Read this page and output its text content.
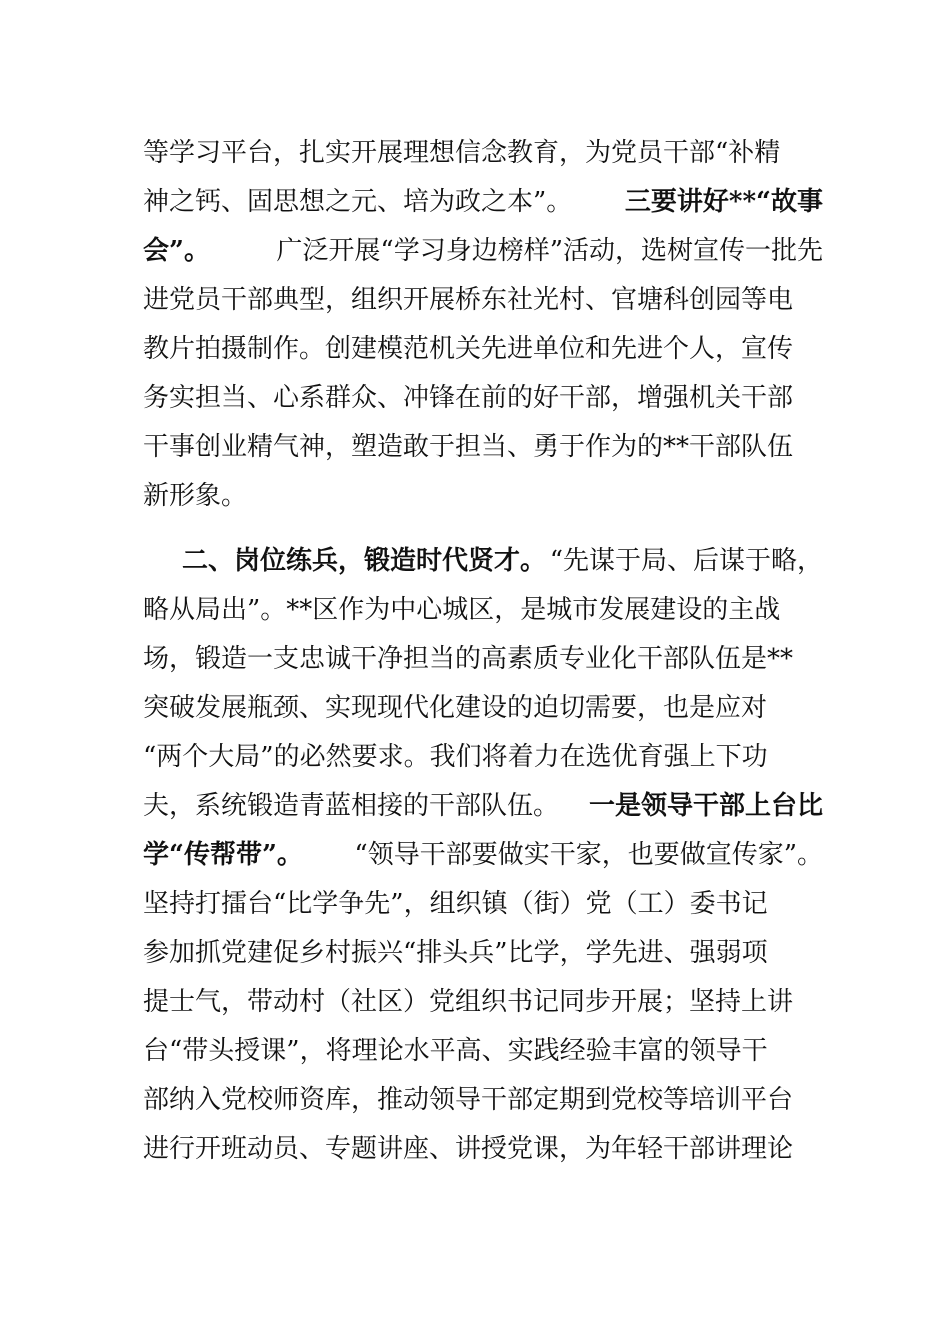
等学习平台，扎实开展理想信念教育，为党员干部“补精
神之钙、固思想之元、培为政之本”。 三要讲好**“故事
会”。	广泛开展“学习身边榜样”活动，选树宣传一批先
进党员干部典型，组织开展桥东社光村、官塘科创园等电
教片拍摄制作。创建模范机关先进单位和先进个人，宣传
务实担当、心系群众、冲锋在前的好干部，增强机关干部
干事创业精气神，塑造敢于担当、勇于作为的**干部队伍
新形象。
二、岗位练兵，锻造时代贤才。 “先谋于局、后谋于略，
略从局出”。**区作为中心城区，是城市发展建设的主战
场，锻造一支忠诚干净担当的高素质专业化干部队伍是**
突破发展瓶颈、实现现代化建设的迫切需要，也是应对
“两个大局”的必然要求。我们将着力在选优育强上下功
夫，系统锻造青蓝相接的干部队伍。 一是领导干部上台比
学“传帮带”。 “领导干部要做实干家，也要做宣传家”。
坚持打擂台“比学争先”，组织镇（街）党（工）委书记
参加抓党建促乡村振兴“排头兵”比学，学先进、强弱项
提士气，带动村（社区）党组织书记同步开展；坚持上讲
台“带头授课”，将理论水平高、实践经验丰富的领导干
部纳入党校师资库，推动领导干部定期到党校等培训平台
进行开班动员、专题讲座、讲授党课，为年轻干部讲理论
